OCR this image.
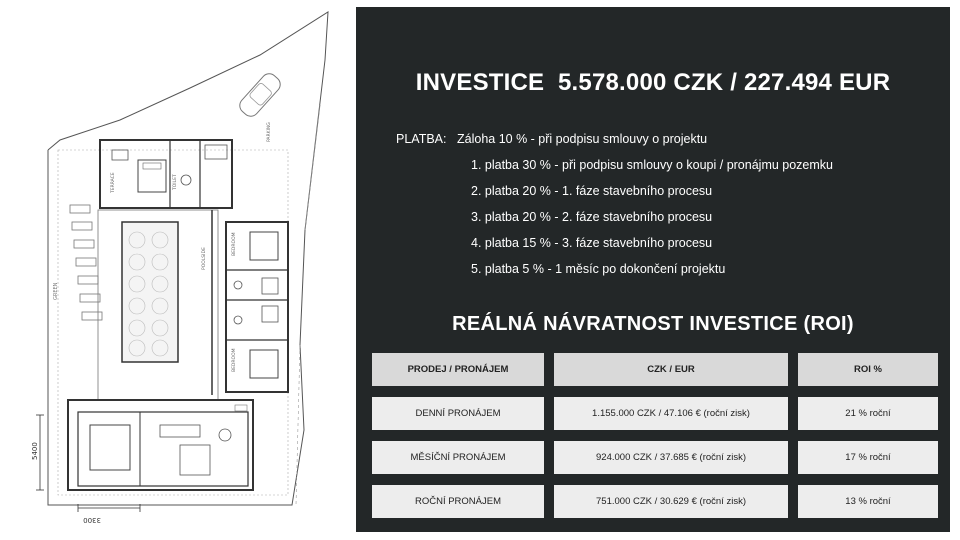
TERRACE	TOILET
BEDROOM
BEDROOM
POOLSIDE
PARKING
GREEN
5400
3300
INVESTICE  5.578.000 CZK / 227.494 EUR
PLATBA: Záloha 10 % - při podpisu smlouvy o projektu
1. platba 30 % - při podpisu smlouvy o koupi / pronájmu pozemku
2. platba 20 % - 1. fáze stavebního procesu
3. platba 20 % - 2. fáze stavebního procesu
4. platba 15 % - 3. fáze stavebního procesu
5. platba 5 % - 1 měsíc po dokončení projektu
REÁLNÁ NÁVRATNOST INVESTICE (ROI)
PRODEJ / PRONÁJEM	CZK / EUR	ROI %
DENNÍ PRONÁJEM	1.155.000 CZK / 47.106 € (roční zisk)	21 % roční
MĚSÍČNÍ PRONÁJEM	924.000 CZK / 37.685 € (roční zisk)	17 % roční
ROČNÍ PRONÁJEM	751.000 CZK / 30.629 € (roční zisk)	13 % roční
